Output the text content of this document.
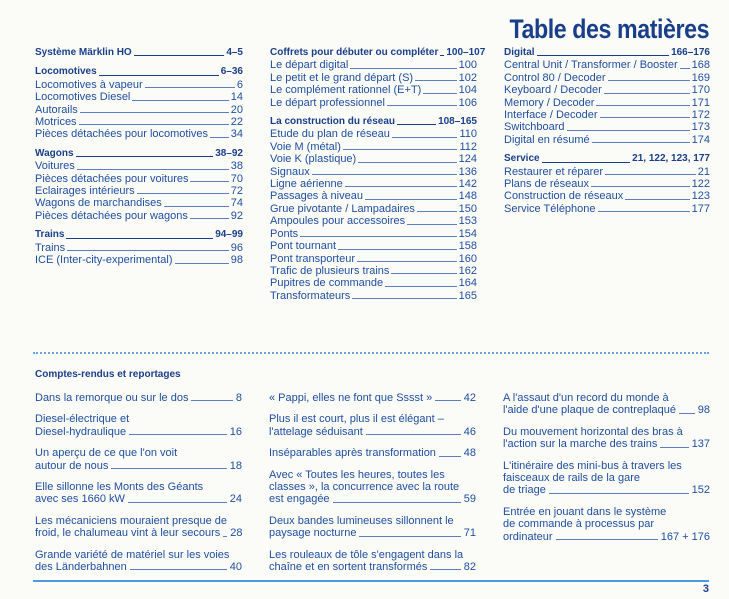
Table des matières
Système Märklin HO	4–5
Locomotives	6–36
Locomotives à vapeur	6
Locomotives Diesel	14
Autorails	20
Motrices	22
Pièces détachées pour locomotives 34
Wagons	38–92
Voitures	38
Pièces détachées pour voitures	70
Eclairages intérieurs	72
Wagons de marchandises	74
Pièces détachées pour wagons	92
Trains	94–99
Trains	96
ICE (Inter-city-experimental)	98
Coffrets pour débuter ou compléter 100–107
Le départ digital	100
Le petit et le grand départ (S)	102
Le complément rationnel (E+T)	104
Le départ professionnel	106
La construction du réseau	108–165
Etude du plan de réseau	110
Voie M (métal)	112
Voie K (plastique)	124
Signaux	136
Ligne aérienne	142
Passages à niveau	148
Grue pivotante / Lampadaires	150
Ampoules pour accessoires	153
Ponts	154
Pont tournant	158
Pont transporteur	160
Trafic de plusieurs trains	162
Pupitres de commande	164
Transformateurs	165
Digital	166–176
Central Unit / Transformer / Booster 168
Control 80 / Decoder	169
Keyboard / Decoder	170
Memory / Decoder	171
Interface / Decoder	172
Switchboard	173
Digital en résumé	174
Service	21, 122, 123, 177
Restaurer et réparer	21
Plans de réseaux	122
Construction de réseaux	123
Service Téléphone	177
Comptes-rendus et reportages
Dans la remorque ou sur le dos	8
Diesel-électrique et
Diesel-hydraulique	16
Un aperçu de ce que l'on voit
autour de nous	18
Elle sillonne les Monts des Géants
avec ses 1660 kW	24
Les mécaniciens mouraient presque de
froid, le chalumeau vint à leur secours 28
Grande variété de matériel sur les voies
des Länderbahnen	40
« Pappi, elles ne font que Sssst »	42
Plus il est court, plus il est élégant –
l'attelage séduisant	46
Inséparables après transformation	48
Avec « Toutes les heures, toutes les
classes », la concurrence avec la route
est engagée	59
Deux bandes lumineuses sillonnent le
paysage nocturne	71
Les rouleaux de tôle s'engagent dans la
chaîne et en sortent transformés	82
A l'assaut d'un record du monde à
l'aide d'une plaque de contreplaqué 98
Du mouvement horizontal des bras à
l'action sur la marche des trains	137
L'itinéraire des mini-bus à travers les
faisceaux de rails de la gare
de triage	152
Entrée en jouant dans le système
de commande à processus par
ordinateur	167 + 176
3
